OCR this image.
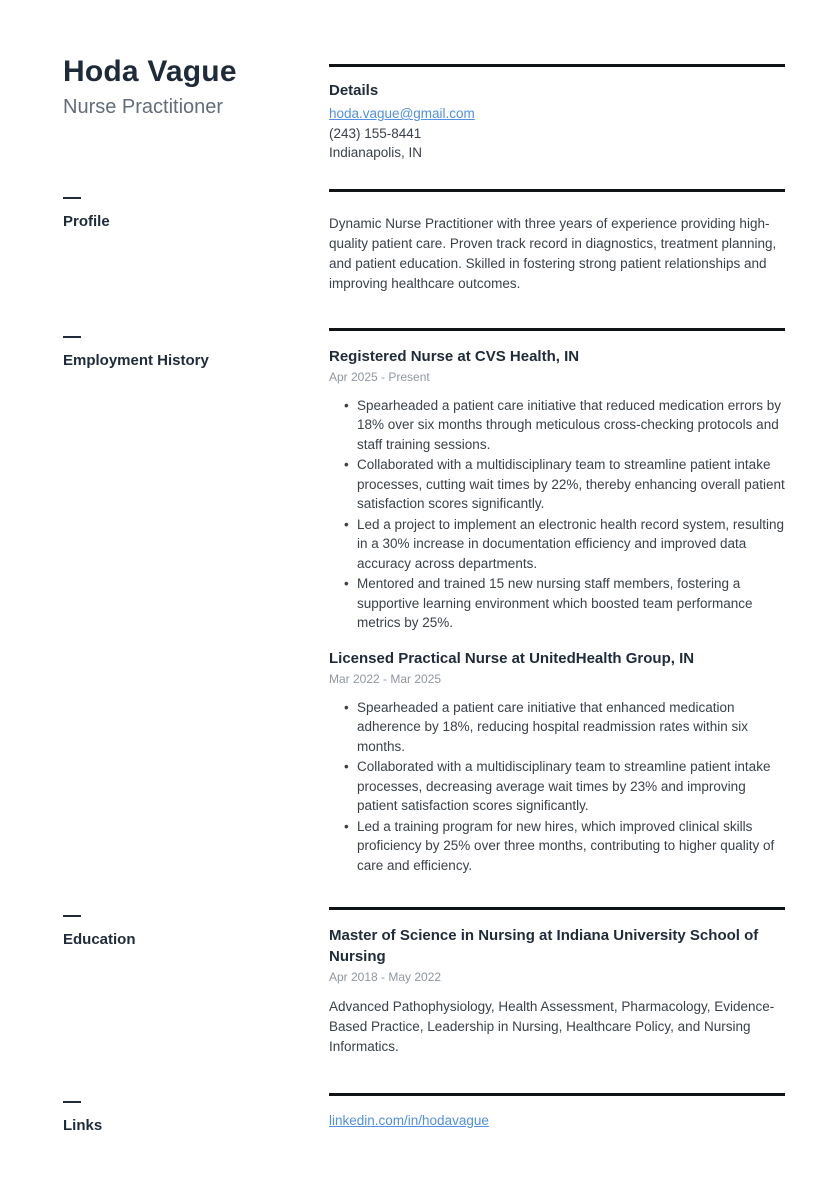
Hoda Vague
Nurse Practitioner
Details
hoda.vague@gmail.com
(243) 155-8441
Indianapolis, IN
Profile	Dynamic Nurse Practitioner with three years of experience providing high-quality patient care. Proven track record in diagnostics, treatment planning, and patient education. Skilled in fostering strong patient relationships and improving healthcare outcomes.

Employment History	Registered Nurse at CVS Health, IN
Apr 2025 - Present
• Spearheaded a patient care initiative that reduced medication errors by 18% over six months through meticulous cross-checking protocols and staff training sessions.
• Collaborated with a multidisciplinary team to streamline patient intake processes, cutting wait times by 22%, thereby enhancing overall patient satisfaction scores significantly.
• Led a project to implement an electronic health record system, resulting in a 30% increase in documentation efficiency and improved data accuracy across departments.
• Mentored and trained 15 new nursing staff members, fostering a supportive learning environment which boosted team performance metrics by 25%.
Licensed Practical Nurse at UnitedHealth Group, IN
Mar 2022 - Mar 2025
• Spearheaded a patient care initiative that enhanced medication adherence by 18%, reducing hospital readmission rates within six months.
• Collaborated with a multidisciplinary team to streamline patient intake processes, decreasing average wait times by 23% and improving patient satisfaction scores significantly.
• Led a training program for new hires, which improved clinical skills proficiency by 25% over three months, contributing to higher quality of care and efficiency.
Education	Master of Science in Nursing at Indiana University School of Nursing
Apr 2018 - May 2022

Advanced Pathophysiology, Health Assessment, Pharmacology, Evidence-Based Practice, Leadership in Nursing, Healthcare Policy, and Nursing Informatics.

Links	linkedin.com/in/hodavague
